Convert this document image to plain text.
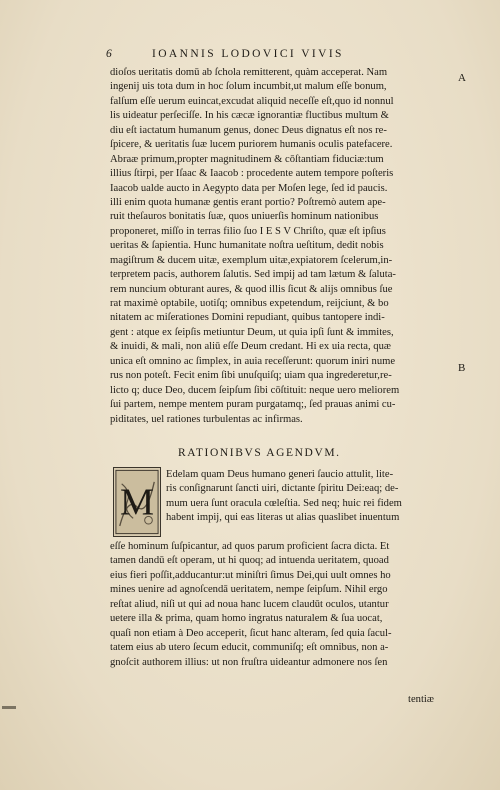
6	IOANNIS LODOVICI VIVIS
A
B
dioſos ueritatis domū ab ſchola remitterent, quàm acceperat. Nam
ingenij uis tota dum in hoc ſolum incumbit,ut malum eſſe bonum,
falſum eſſe uerum euincat,excudat aliquid neceſſe eſt,quo id nonnul
lis uideatur perſeciſſe. In his cæcæ ignorantiæ fluctibus multum &
diu eſt iactatum humanum genus, donec Deus dignatus eſt nos re-
ſpicere, & ueritatis ſuæ lucem puriorem humanis oculis patefacere.
Abraæ primum,propter magnitudinem & cōſtantiam fiduciæ:tum
illius ſtirpi, per Iſaac & Iaacob : procedente autem tempore poſteris
Iaacob ualde aucto in Aegypto data per Moſen lege, ſed id paucis.
illi enim quota humanæ gentis erant portio? Poſtremò autem ape-
ruit theſauros bonitatis ſuæ, quos uniuerſis hominum nationibus
proponeret, miſſo in terras filio ſuo I E S V Chriſto, quæ eſt ipſius
ueritas & ſapientia. Hunc humanitate noſtra ueſtitum, dedit nobis
magiſtrum & ducem uitæ, exemplum uitæ,expiatorem ſcelerum,in-
terpretem pacis, authorem ſalutis. Sed impij ad tam lætum & ſaluta-
rem nuncium obturant aures, & quod illis ſicut & alijs omnibus ſue
rat maximè optabile, uotiſq; omnibus expetendum, reijciunt, & bo
nitatem ac miſerationes Domini repudiant, quibus tantopere indi-
gent : atque ex ſeipſis metiuntur Deum, ut quia ipſi ſunt & immites,
& inuidi, & mali, non aliū eſſe Deum credant. Hi ex uia recta, quæ
unica eſt omnino ac ſimplex, in auia receſſerunt: quorum iniri nume
rus non poteſt. Fecit enim ſibi unuſquiſq; uiam qua ingrederetur,re-
licto q; duce Deo, ducem ſeipſum ſibi cōſtituit: neque uero meliorem
ſui partem, nempe mentem puram purgatamq;, ſed prauas animi cu-
piditates, uel rationes turbulentas ac infirmas.
RATIONIBVS AGENDVM.
M
Edelam quam Deus humano generi ſaucio attulit, lite-
ris conſignarunt ſancti uiri, dictante ſpiritu Dei:eaq; de-
mum uera ſunt oracula cœleſtia. Sed neq; huic rei fidem
habent impij, qui eas literas ut alias quaslibet inuentum
eſſe hominum ſuſpicantur, ad quos parum proficient ſacra dicta. Et
tamen dandū eſt operam, ut hi quoq; ad intuenda ueritatem, quoad
eius fieri poſſit,adducantur:ut miniſtri ſimus Dei,qui uult omnes ho
mines uenire ad agnoſcendā ueritatem, nempe ſeipſum. Nihil ergo
reſtat aliud, niſi ut qui ad noua hanc lucem claudūt oculos, utantur
uetere illa & prima, quam homo ingratus naturalem & ſua uocat,
quaſi non etiam à Deo acceperit, ſicut hanc alteram, ſed quia ſacul-
tatem eius ab utero ſecum educit, communiſq; eſt omnibus, non a-
gnoſcit authorem illius: ut non fruſtra uideantur admonere nos ſen
tentiæ
